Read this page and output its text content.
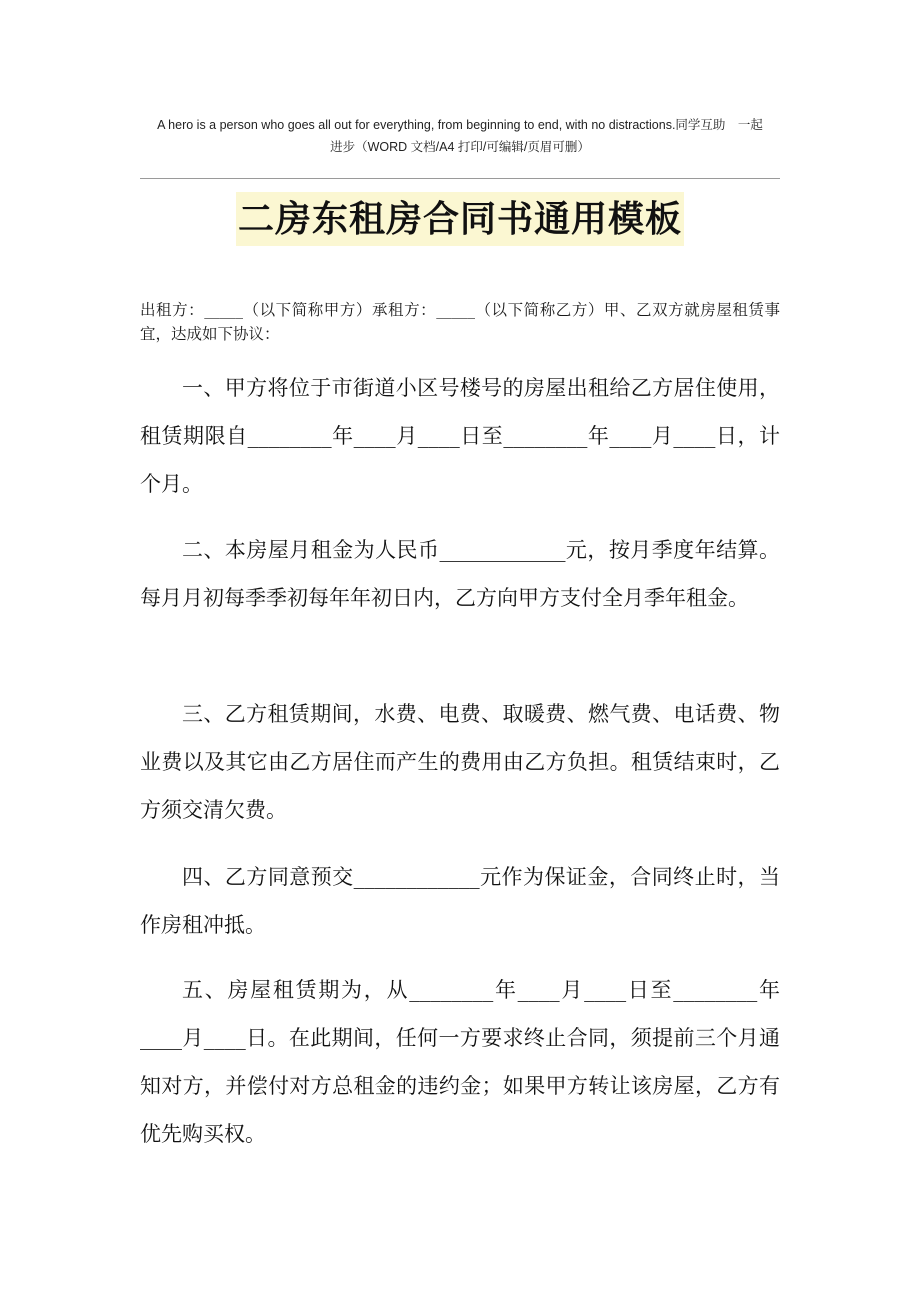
A hero is a person who goes all out for everything, from beginning to end, with no distractions.同学互助　一起
进步（WORD 文档/A4 打印/可编辑/页眉可删）
二房东租房合同书通用模板
出租方：_____（以下简称甲方）承租方：_____（以下简称乙方）甲、乙双方就房屋租赁事宜，达成如下协议：

一、甲方将位于市街道小区号楼号的房屋出租给乙方居住使用，租赁期限自________年____月____日至________年____月____日，计个月。

二、本房屋月租金为人民币____________元，按月季度年结算。每月月初每季季初每年年初日内，乙方向甲方支付全月季年租金。

三、乙方租赁期间，水费、电费、取暖费、燃气费、电话费、物业费以及其它由乙方居住而产生的费用由乙方负担。租赁结束时，乙方须交清欠费。

四、乙方同意预交____________元作为保证金，合同终止时，当作房租冲抵。

五、房屋租赁期为，从________年____月____日至________年____月____日。在此期间，任何一方要求终止合同，须提前三个月通知对方，并偿付对方总租金的违约金；如果甲方转让该房屋，乙方有优先购买权。
